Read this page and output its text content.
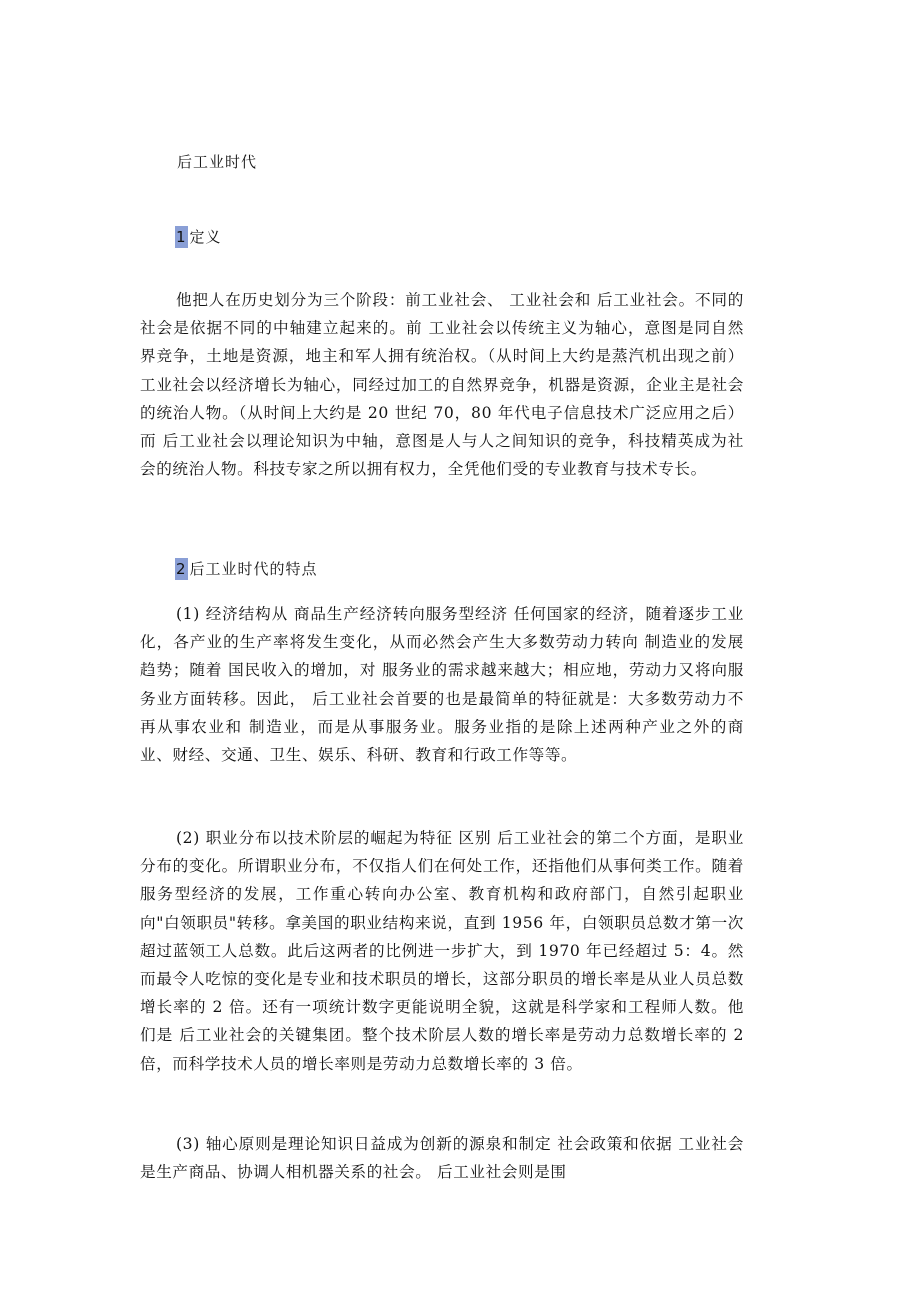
后工业时代
1 定义

他把人在历史划分为三个阶段：前工业社会、 工业社会和 后工业社会。不同的社会是依据不同的中轴建立起来的。前 工业社会以传统主义为轴心，意图是同自然界竞争，土地是资源，地主和军人拥有统治权。（从时间上大约是蒸汽机出现之前） 工业社会以经济增长为轴心，同经过加工的自然界竞争，机器是资源，企业主是社会的统治人物。（从时间上大约是 20 世纪 70，80 年代电子信息技术广泛应用之后）而 后工业社会以理论知识为中轴，意图是人与人之间知识的竞争，科技精英成为社会的统治人物。科技专家之所以拥有权力，全凭他们受的专业教育与技术专长。

2 后工业时代的特点

(1) 经济结构从 商品生产经济转向服务型经济 任何国家的经济，随着逐步工业化，各产业的生产率将发生变化，从而必然会产生大多数劳动力转向 制造业的发展趋势；随着 国民收入的增加，对 服务业的需求越来越大；相应地，劳动力又将向服务业方面转移。因此， 后工业社会首要的也是最简单的特征就是：大多数劳动力不再从事农业和 制造业，而是从事服务业。服务业指的是除上述两种产业之外的商业、财经、交通、卫生、娱乐、科研、教育和行政工作等等。

(2) 职业分布以技术阶层的崛起为特征 区别 后工业社会的第二个方面，是职业分布的变化。所谓职业分布，不仅指人们在何处工作，还指他们从事何类工作。随着服务型经济的发展，工作重心转向办公室、教育机构和政府部门，自然引起职业向"白领职员"转移。拿美国的职业结构来说，直到 1956 年，白领职员总数才第一次超过蓝领工人总数。此后这两者的比例进一步扩大，到 1970 年已经超过 5：4。然而最令人吃惊的变化是专业和技术职员的增长，这部分职员的增长率是从业人员总数增长率的 2 倍。还有一项统计数字更能说明全貌，这就是科学家和工程师人数。他们是 后工业社会的关键集团。整个技术阶层人数的增长率是劳动力总数增长率的 2 倍，而科学技术人员的增长率则是劳动力总数增长率的 3 倍。

(3) 轴心原则是理论知识日益成为创新的源泉和制定 社会政策和依据 工业社会是生产商品、协调人相机器关系的社会。 后工业社会则是围
